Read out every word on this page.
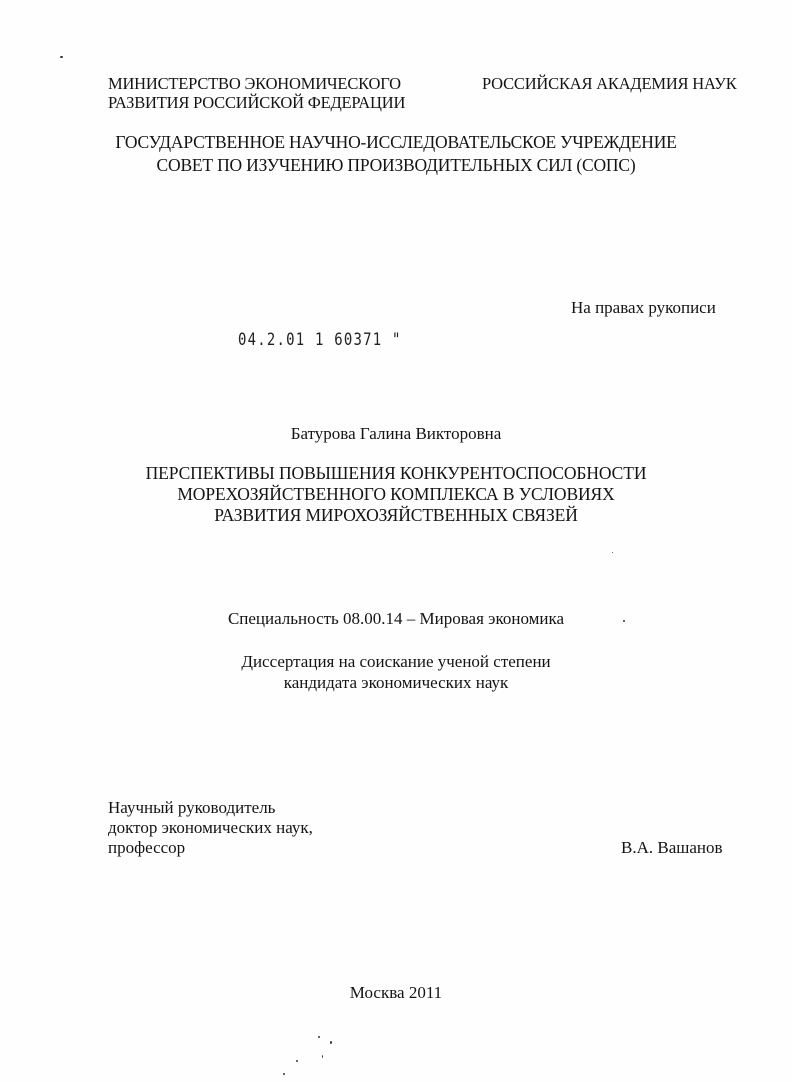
МИНИСТЕРСТВО ЭКОНОМИЧЕСКОГО
РАЗВИТИЯ РОССИЙСКОЙ ФЕДЕРАЦИИ
РОССИЙСКАЯ АКАДЕМИЯ НАУК
ГОСУДАРСТВЕННОЕ НАУЧНО-ИССЛЕДОВАТЕЛЬСКОЕ УЧРЕЖДЕНИЕ
СОВЕТ ПО ИЗУЧЕНИЮ ПРОИЗВОДИТЕЛЬНЫХ СИЛ (СОПС)
На правах рукописи
04.2.01 1 60371 "
Батурова Галина Викторовна
ПЕРСПЕКТИВЫ ПОВЫШЕНИЯ КОНКУРЕНТОСПОСОБНОСТИ
МОРЕХОЗЯЙСТВЕННОГО КОМПЛЕКСА В УСЛОВИЯХ
РАЗВИТИЯ МИРОХОЗЯЙСТВЕННЫХ СВЯЗЕЙ
Специальность 08.00.14 – Мировая экономика
Диссертация на соискание ученой степени
кандидата экономических наук
Научный руководитель
доктор экономических наук,
профессор	В.А. Вашанов
Москва 2011
